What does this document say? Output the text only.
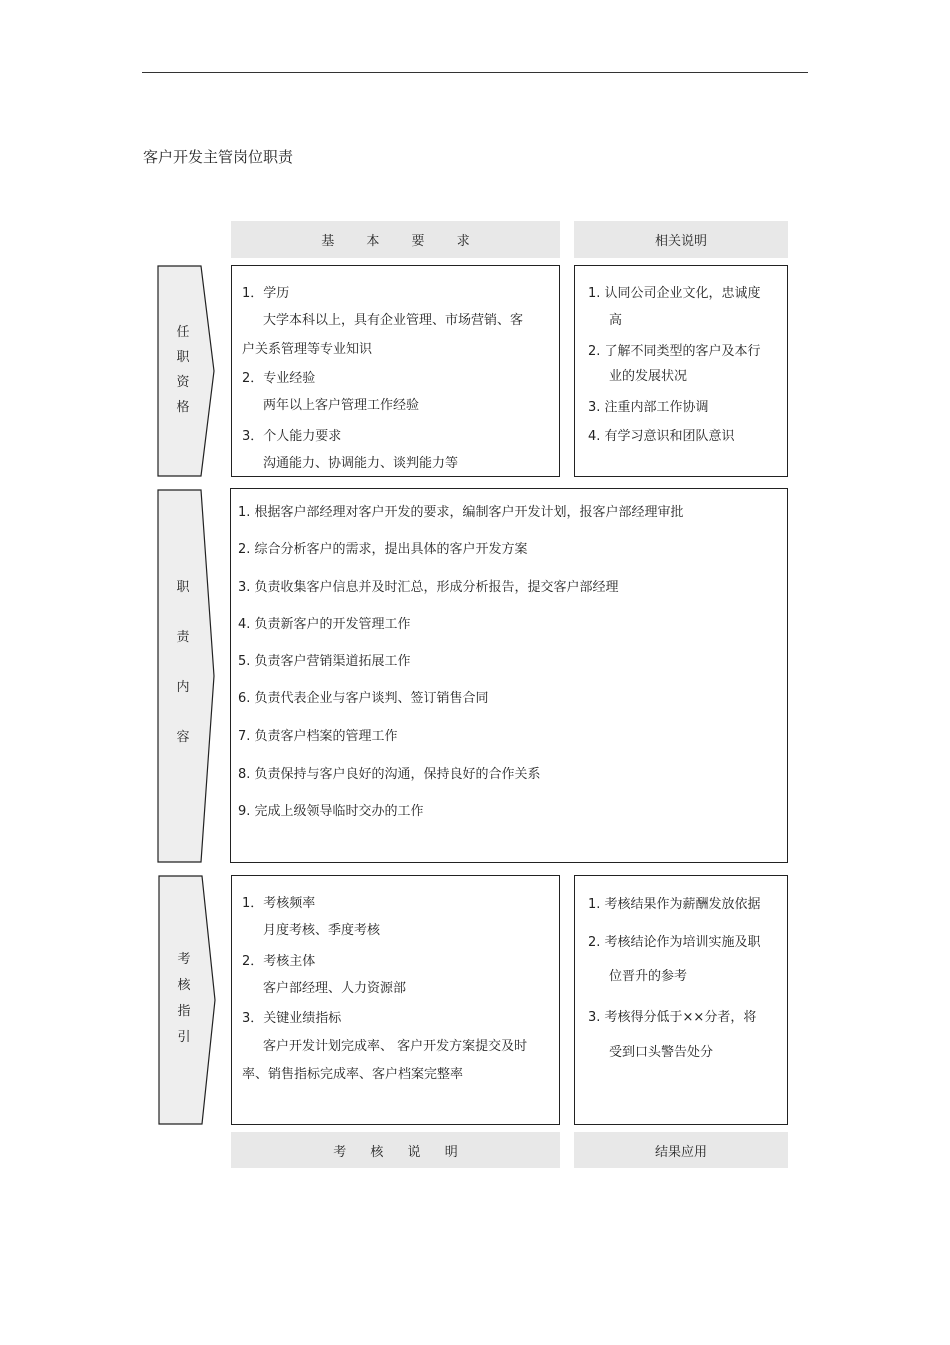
客户开发主管岗位职责
基 本 要 求	相关说明
任
职
资
格
1．学历
大学本科以上，具有企业管理、市场营销、客
户关系管理等专业知识
2．专业经验
两年以上客户管理工作经验
3．个人能力要求
沟通能力、协调能力、谈判能力等
1. 认同公司企业文化，忠诚度
高
2. 了解不同类型的客户及本行
业的发展状况
3. 注重内部工作协调
4. 有学习意识和团队意识
职
责
内
容
1. 根据客户部经理对客户开发的要求，编制客户开发计划，报客户部经理审批
2. 综合分析客户的需求，提出具体的客户开发方案
3. 负责收集客户信息并及时汇总，形成分析报告，提交客户部经理
4. 负责新客户的开发管理工作
5. 负责客户营销渠道拓展工作
6. 负责代表企业与客户谈判、签订销售合同
7. 负责客户档案的管理工作
8. 负责保持与客户良好的沟通，保持良好的合作关系
9. 完成上级领导临时交办的工作
考
核
指
引
1．考核频率
月度考核、季度考核
2．考核主体
客户部经理、人力资源部
3．关键业绩指标
客户开发计划完成率、 客户开发方案提交及时
率、销售指标完成率、客户档案完整率
1. 考核结果作为薪酬发放依据
2. 考核结论作为培训实施及职
位晋升的参考
3. 考核得分低于××分者，将
受到口头警告处分
考 核 说 明	结果应用
